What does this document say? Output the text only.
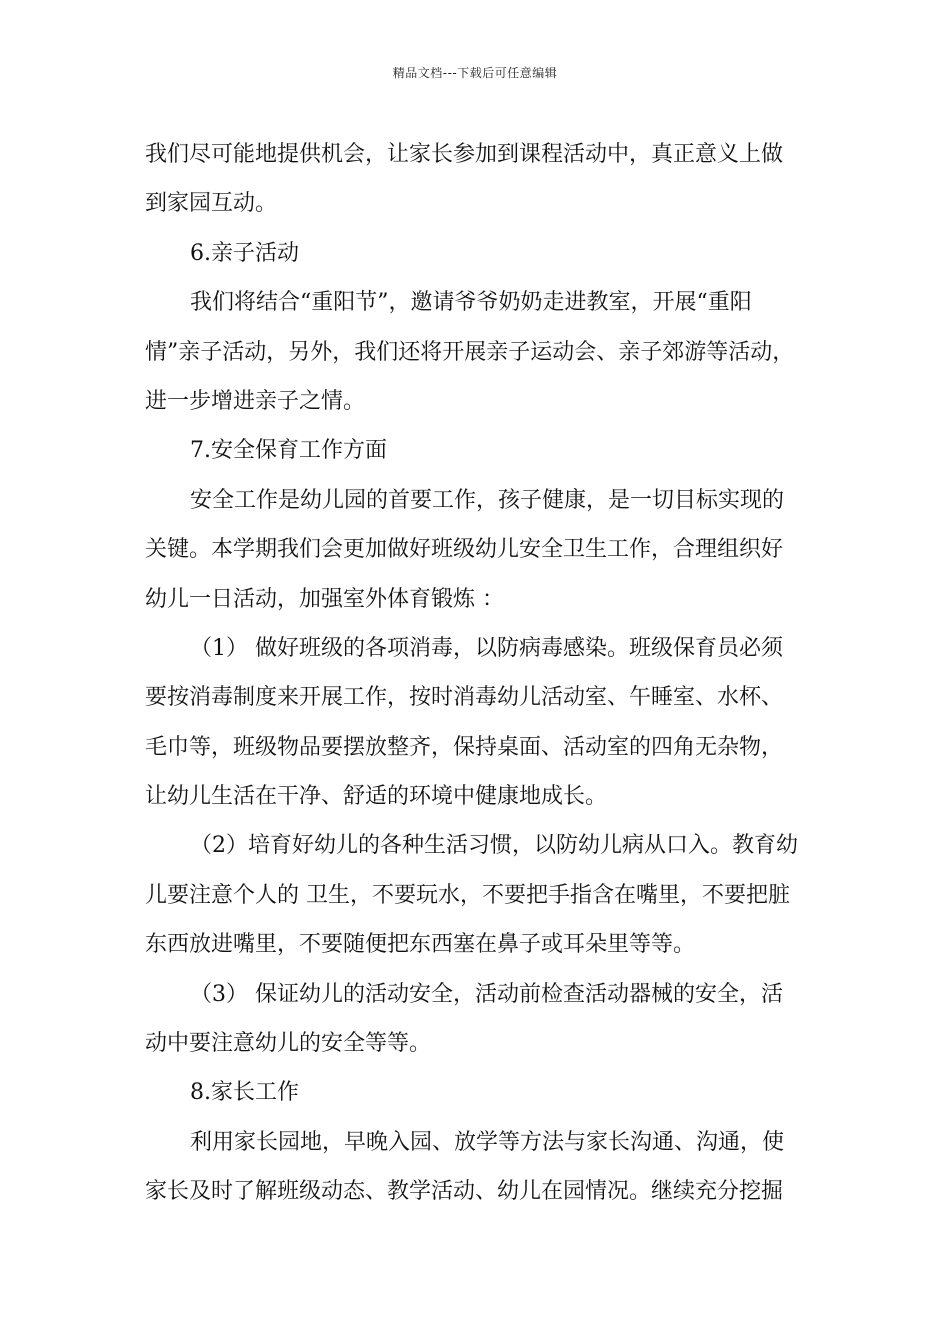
精品文档---下载后可任意编辑
我们尽可能地提供机会，让家长参加到课程活动中，真正意义上做
到家园互动。
6.亲子活动
我们将结合“重阳节”，邀请爷爷奶奶走进教室，开展“重阳
情”亲子活动，另外，我们还将开展亲子运动会、亲子郊游等活动，
进一步增进亲子之情。
7.安全保育工作方面
安全工作是幼儿园的首要工作，孩子健康，是一切目标实现的
关键。本学期我们会更加做好班级幼儿安全卫生工作，合理组织好
幼儿一日活动，加强室外体育锻炼 ：
（1） 做好班级的各项消毒，以防病毒感染。班级保育员必须
要按消毒制度来开展工作，按时消毒幼儿活动室、午睡室、水杯、
毛巾等，班级物品要摆放整齐，保持桌面、活动室的四角无杂物，
让幼儿生活在干净、舒适的环境中健康地成长。
（2）培育好幼儿的各种生活习惯，以防幼儿病从口入。教育幼
儿要注意个人的 卫生，不要玩水，不要把手指含在嘴里，不要把脏
东西放进嘴里，不要随便把东西塞在鼻子或耳朵里等等。
（3） 保证幼儿的活动安全，活动前检查活动器械的安全，活
动中要注意幼儿的安全等等。
8.家长工作
利用家长园地，早晚入园、放学等方法与家长沟通、沟通，使
家长及时了解班级动态、教学活动、幼儿在园情况。继续充分挖掘
